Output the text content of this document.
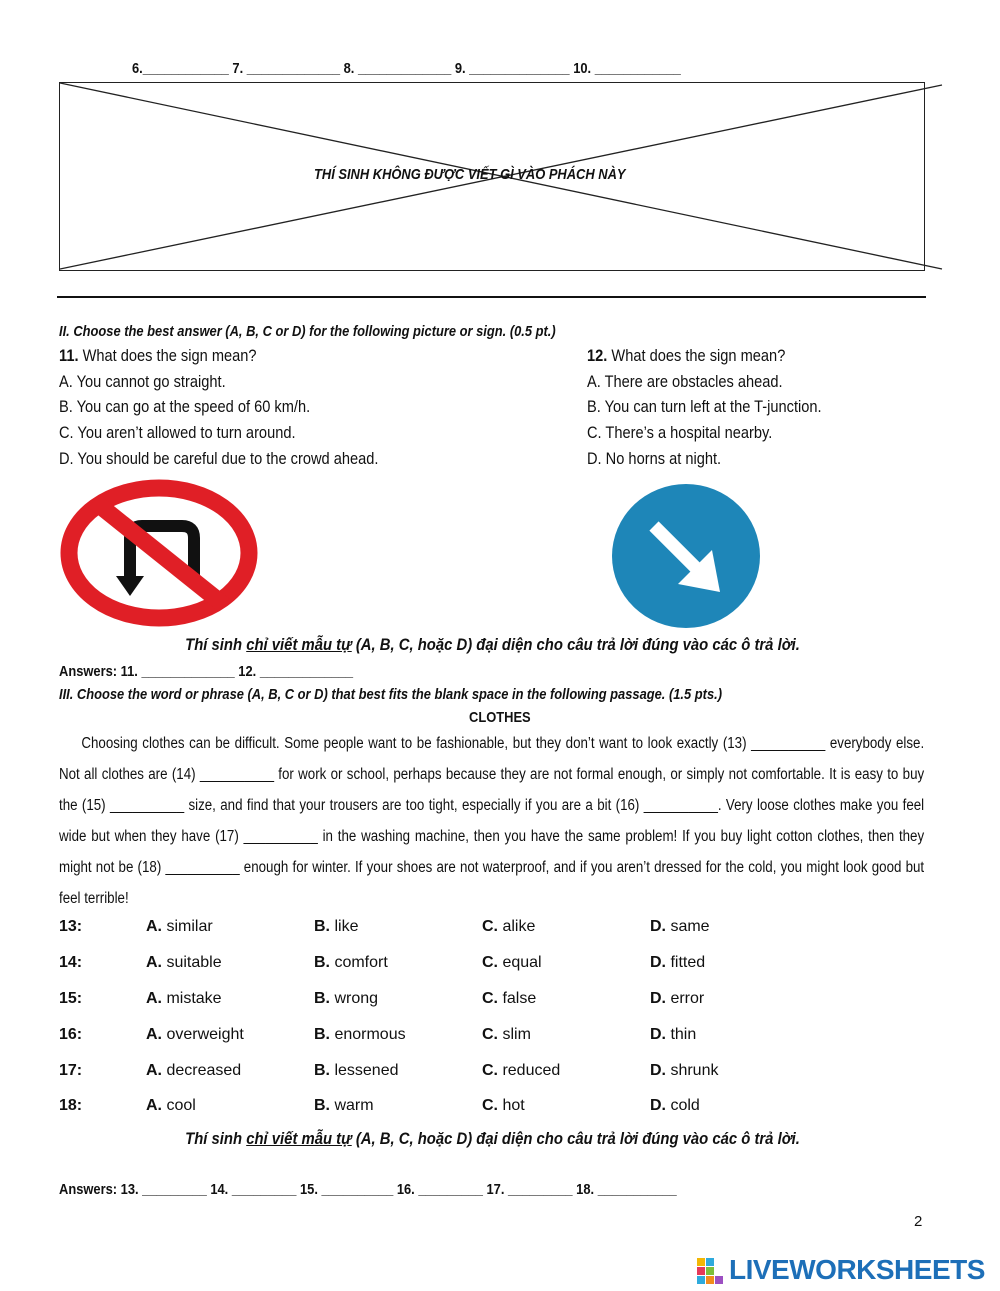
6.____________ 7. _____________ 8. _____________ 9. ______________ 10. ____________
THÍ SINH KHÔNG ĐƯỢC VIẾT GÌ VÀO PHÁCH NÀY
II. Choose the best answer (A, B, C or D) for the following picture or sign. (0.5 pt.)
11. What does the sign mean?
A. You cannot go straight.
B. You can go at the speed of 60 km/h.
C. You aren’t allowed to turn around.
D. You should be careful due to the crowd ahead.
12. What does the sign mean?
A. There are obstacles ahead.
B. You can turn left at the T-junction.
C. There’s a hospital nearby.
D. No horns at night.
Thí sinh chỉ viết mẫu tự (A, B, C, hoặc D) đại diện cho câu trả lời đúng vào các ô trả lời.
Answers: 11. _____________ 12. _____________
III. Choose the word or phrase (A, B, C or D) that best fits the blank space in the following passage. (1.5 pts.)
CLOTHES
Choosing clothes can be difficult. Some people want to be fashionable, but they don’t want to look exactly (13) __________ everybody else. Not all clothes are (14) __________ for work or school, perhaps because they are not formal enough, or simply not comfortable. It is easy to buy the (15) __________ size, and find that your trousers are too tight, especially if you are a bit (16) __________. Very loose clothes make you feel wide but when they have (17) __________ in the washing machine, then you have the same problem! If you buy light cotton clothes, then they might not be (18) __________ enough for winter. If your shoes are not waterproof, and if you aren’t dressed for the cold, you might look good but feel terrible!
13:	A. similar	B. like	C. alike	D. same
14:	A. suitable	B. comfort	C. equal	D. fitted
15:	A. mistake	B. wrong	C. false	D. error
16:	A. overweight	B. enormous	C. slim	D. thin
17:	A. decreased	B. lessened	C. reduced	D. shrunk
18:	A. cool	B. warm	C. hot	D. cold
Thí sinh chỉ viết mẫu tự (A, B, C, hoặc D) đại diện cho câu trả lời đúng vào các ô trả lời.
Answers: 13. _________ 14. _________ 15. __________ 16. _________ 17. _________ 18. ___________
2
LIVEWORKSHEETS
